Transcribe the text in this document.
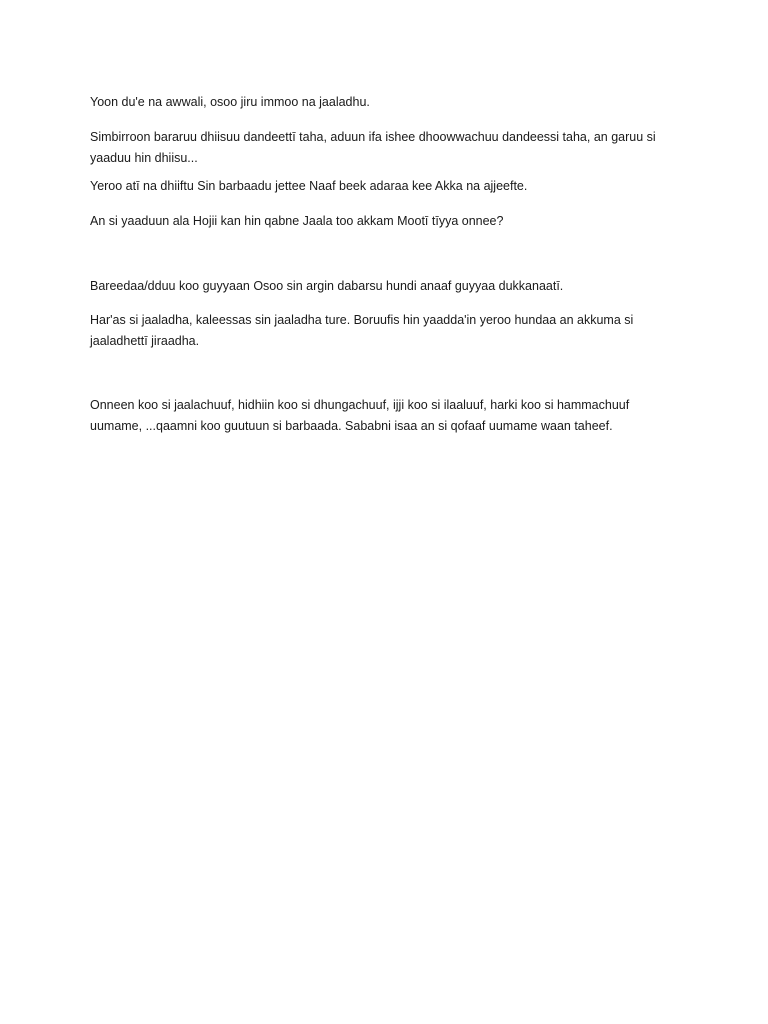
Yoon du'e na awwali, osoo jiru immoo na jaaladhu.

Simbirroon bararuu dhiisuu dandeettī taha, aduun ifa ishee dhoowwachuu dandeessi taha, an garuu si yaaduu hin dhiisu...

Yeroo atī na dhiiftu Sin barbaadu jettee Naaf beek adaraa kee Akka na ajjeefte.

An si yaaduun ala Hojii kan hin qabne Jaala too akkam Mootī tīyya onnee?

Bareedaa/dduu koo guyyaan Osoo sin argin dabarsu hundi anaaf guyyaa dukkanaatī.

Har'as si jaaladha, kaleessas sin jaaladha ture. Boruufis hin yaadda'in yeroo hundaa an akkuma si jaaladhettī jiraadha.

Onneen koo si jaalachuuf, hidhiin koo si dhungachuuf, ijji koo si ilaaluuf, harki koo si hammachuuf uumame, ...qaamni koo guutuun si barbaada. Sababni isaa an si qofaaf uumame waan taheef.
